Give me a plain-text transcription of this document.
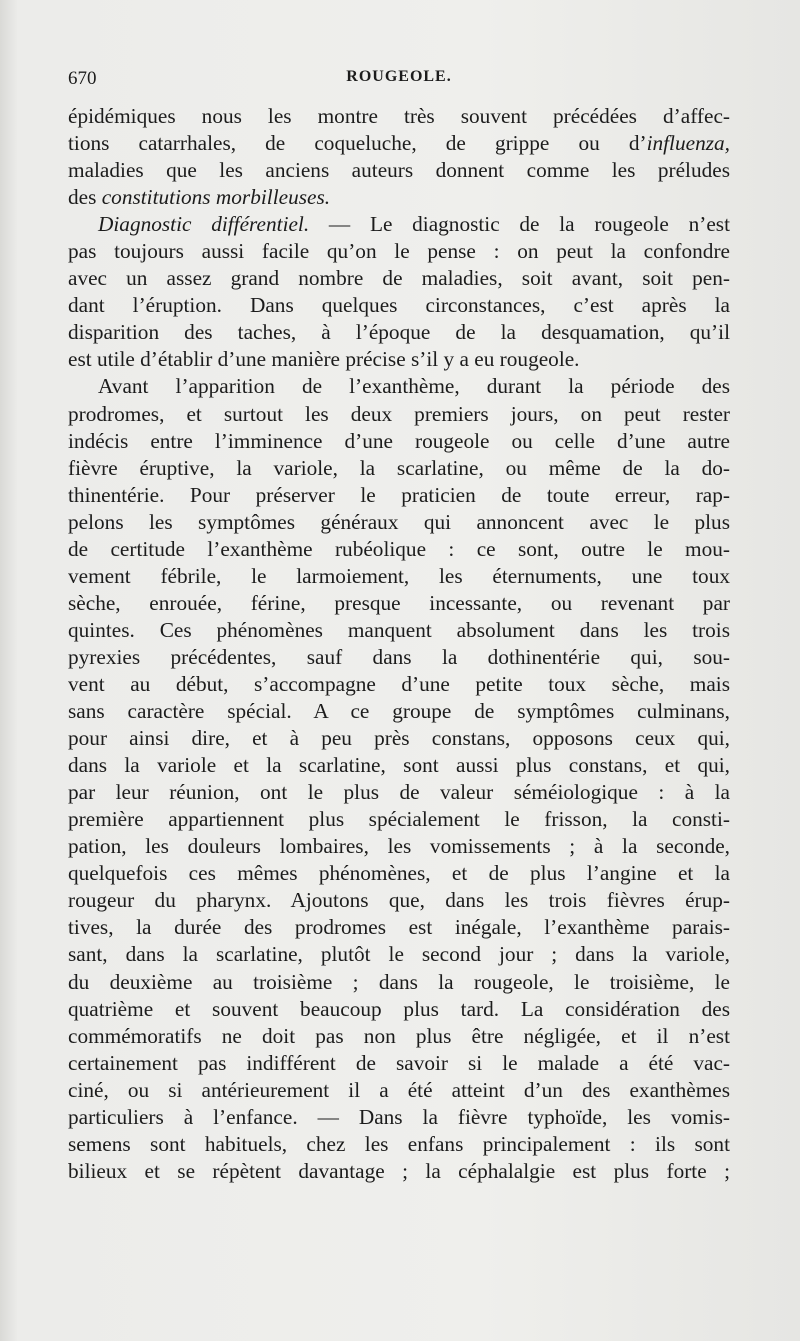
670	ROUGEOLE.
épidémiques nous les montre très souvent précédées d’affec-
tions catarrhales, de coqueluche, de grippe ou d’influenza,
maladies que les anciens auteurs donnent comme les préludes
des constitutions morbilleuses.
Diagnostic différentiel. — Le diagnostic de la rougeole n’est
pas toujours aussi facile qu’on le pense : on peut la confondre
avec un assez grand nombre de maladies, soit avant, soit pen-
dant l’éruption. Dans quelques circonstances, c’est après la
disparition des taches, à l’époque de la desquamation, qu’il
est utile d’établir d’une manière précise s’il y a eu rougeole.
Avant l’apparition de l’exanthème, durant la période des
prodromes, et surtout les deux premiers jours, on peut rester
indécis entre l’imminence d’une rougeole ou celle d’une autre
fièvre éruptive, la variole, la scarlatine, ou même de la do-
thinentérie. Pour préserver le praticien de toute erreur, rap-
pelons les symptômes généraux qui annoncent avec le plus
de certitude l’exanthème rubéolique : ce sont, outre le mou-
vement fébrile, le larmoiement, les éternuments, une toux
sèche, enrouée, férine, presque incessante, ou revenant par
quintes. Ces phénomènes manquent absolument dans les trois
pyrexies précédentes, sauf dans la dothinentérie qui, sou-
vent au début, s’accompagne d’une petite toux sèche, mais
sans caractère spécial. A ce groupe de symptômes culminans,
pour ainsi dire, et à peu près constans, opposons ceux qui,
dans la variole et la scarlatine, sont aussi plus constans, et qui,
par leur réunion, ont le plus de valeur séméiologique : à la
première appartiennent plus spécialement le frisson, la consti-
pation, les douleurs lombaires, les vomissements ; à la seconde,
quelquefois ces mêmes phénomènes, et de plus l’angine et la
rougeur du pharynx. Ajoutons que, dans les trois fièvres érup-
tives, la durée des prodromes est inégale, l’exanthème parais-
sant, dans la scarlatine, plutôt le second jour ; dans la variole,
du deuxième au troisième ; dans la rougeole, le troisième, le
quatrième et souvent beaucoup plus tard. La considération des
commémoratifs ne doit pas non plus être négligée, et il n’est
certainement pas indifférent de savoir si le malade a été vac-
ciné, ou si antérieurement il a été atteint d’un des exanthèmes
particuliers à l’enfance. — Dans la fièvre typhoïde, les vomis-
semens sont habituels, chez les enfans principalement : ils sont
bilieux et se répètent davantage ; la céphalalgie est plus forte ;
